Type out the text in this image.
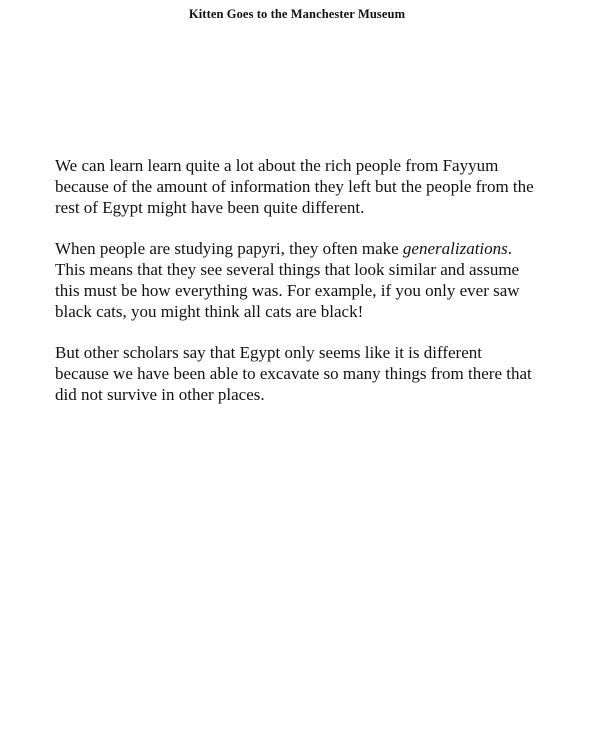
Kitten Goes to the Manchester Museum

We can learn learn quite a lot about the rich people from Fayyum because of the amount of information they left but the people from the rest of Egypt might have been quite different.

When people are studying papyri, they often make generalizations. This means that they see several things that look similar and assume this must be how everything was. For example, if you only ever saw black cats, you might think all cats are black!

But other scholars say that Egypt only seems like it is different because we have been able to excavate so many things from there that did not survive in other places.
